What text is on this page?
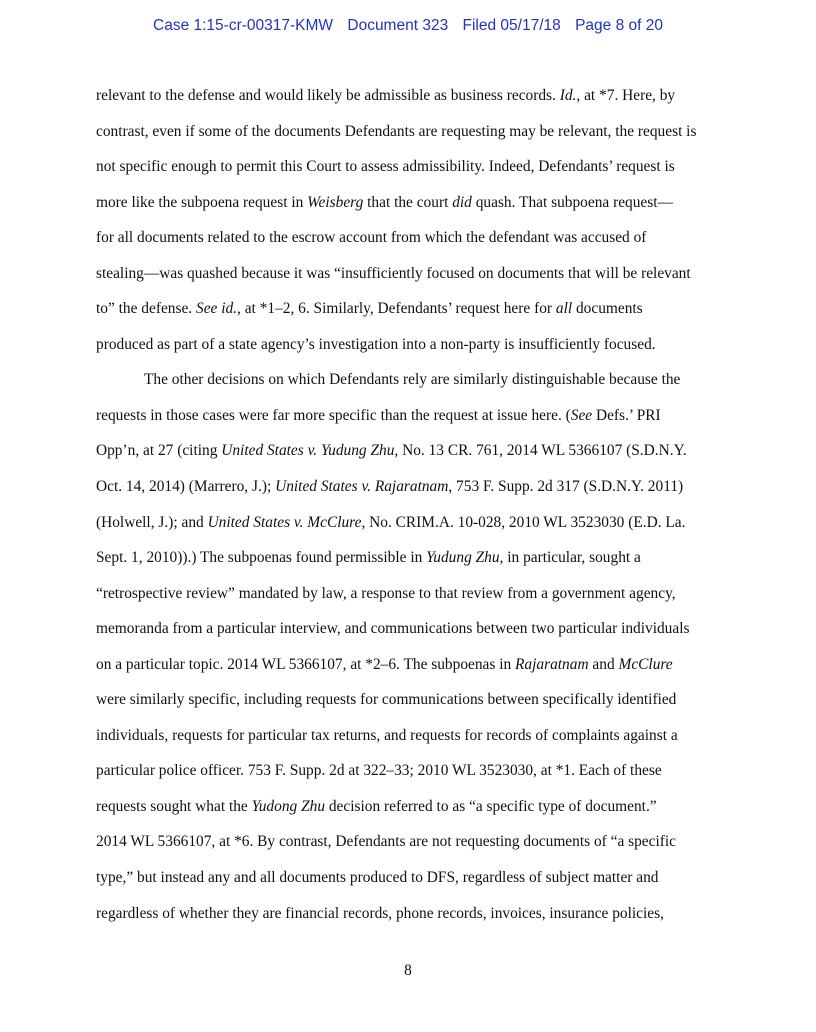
Case 1:15-cr-00317-KMW Document 323 Filed 05/17/18 Page 8 of 20
relevant to the defense and would likely be admissible as business records. Id., at *7. Here, by
contrast, even if some of the documents Defendants are requesting may be relevant, the request is
not specific enough to permit this Court to assess admissibility. Indeed, Defendants’ request is
more like the subpoena request in Weisberg that the court did quash. That subpoena request—
for all documents related to the escrow account from which the defendant was accused of
stealing—was quashed because it was “insufficiently focused on documents that will be relevant
to” the defense. See id., at *1–2, 6. Similarly, Defendants’ request here for all documents
produced as part of a state agency’s investigation into a non-party is insufficiently focused.
The other decisions on which Defendants rely are similarly distinguishable because the
requests in those cases were far more specific than the request at issue here. (See Defs.’ PRI
Opp’n, at 27 (citing United States v. Yudung Zhu, No. 13 CR. 761, 2014 WL 5366107 (S.D.N.Y.
Oct. 14, 2014) (Marrero, J.); United States v. Rajaratnam, 753 F. Supp. 2d 317 (S.D.N.Y. 2011)
(Holwell, J.); and United States v. McClure, No. CRIM.A. 10-028, 2010 WL 3523030 (E.D. La.
Sept. 1, 2010)).) The subpoenas found permissible in Yudung Zhu, in particular, sought a
“retrospective review” mandated by law, a response to that review from a government agency,
memoranda from a particular interview, and communications between two particular individuals
on a particular topic. 2014 WL 5366107, at *2–6. The subpoenas in Rajaratnam and McClure
were similarly specific, including requests for communications between specifically identified
individuals, requests for particular tax returns, and requests for records of complaints against a
particular police officer. 753 F. Supp. 2d at 322–33; 2010 WL 3523030, at *1. Each of these
requests sought what the Yudong Zhu decision referred to as “a specific type of document.”
2014 WL 5366107, at *6. By contrast, Defendants are not requesting documents of “a specific
type,” but instead any and all documents produced to DFS, regardless of subject matter and
regardless of whether they are financial records, phone records, invoices, insurance policies,
8
